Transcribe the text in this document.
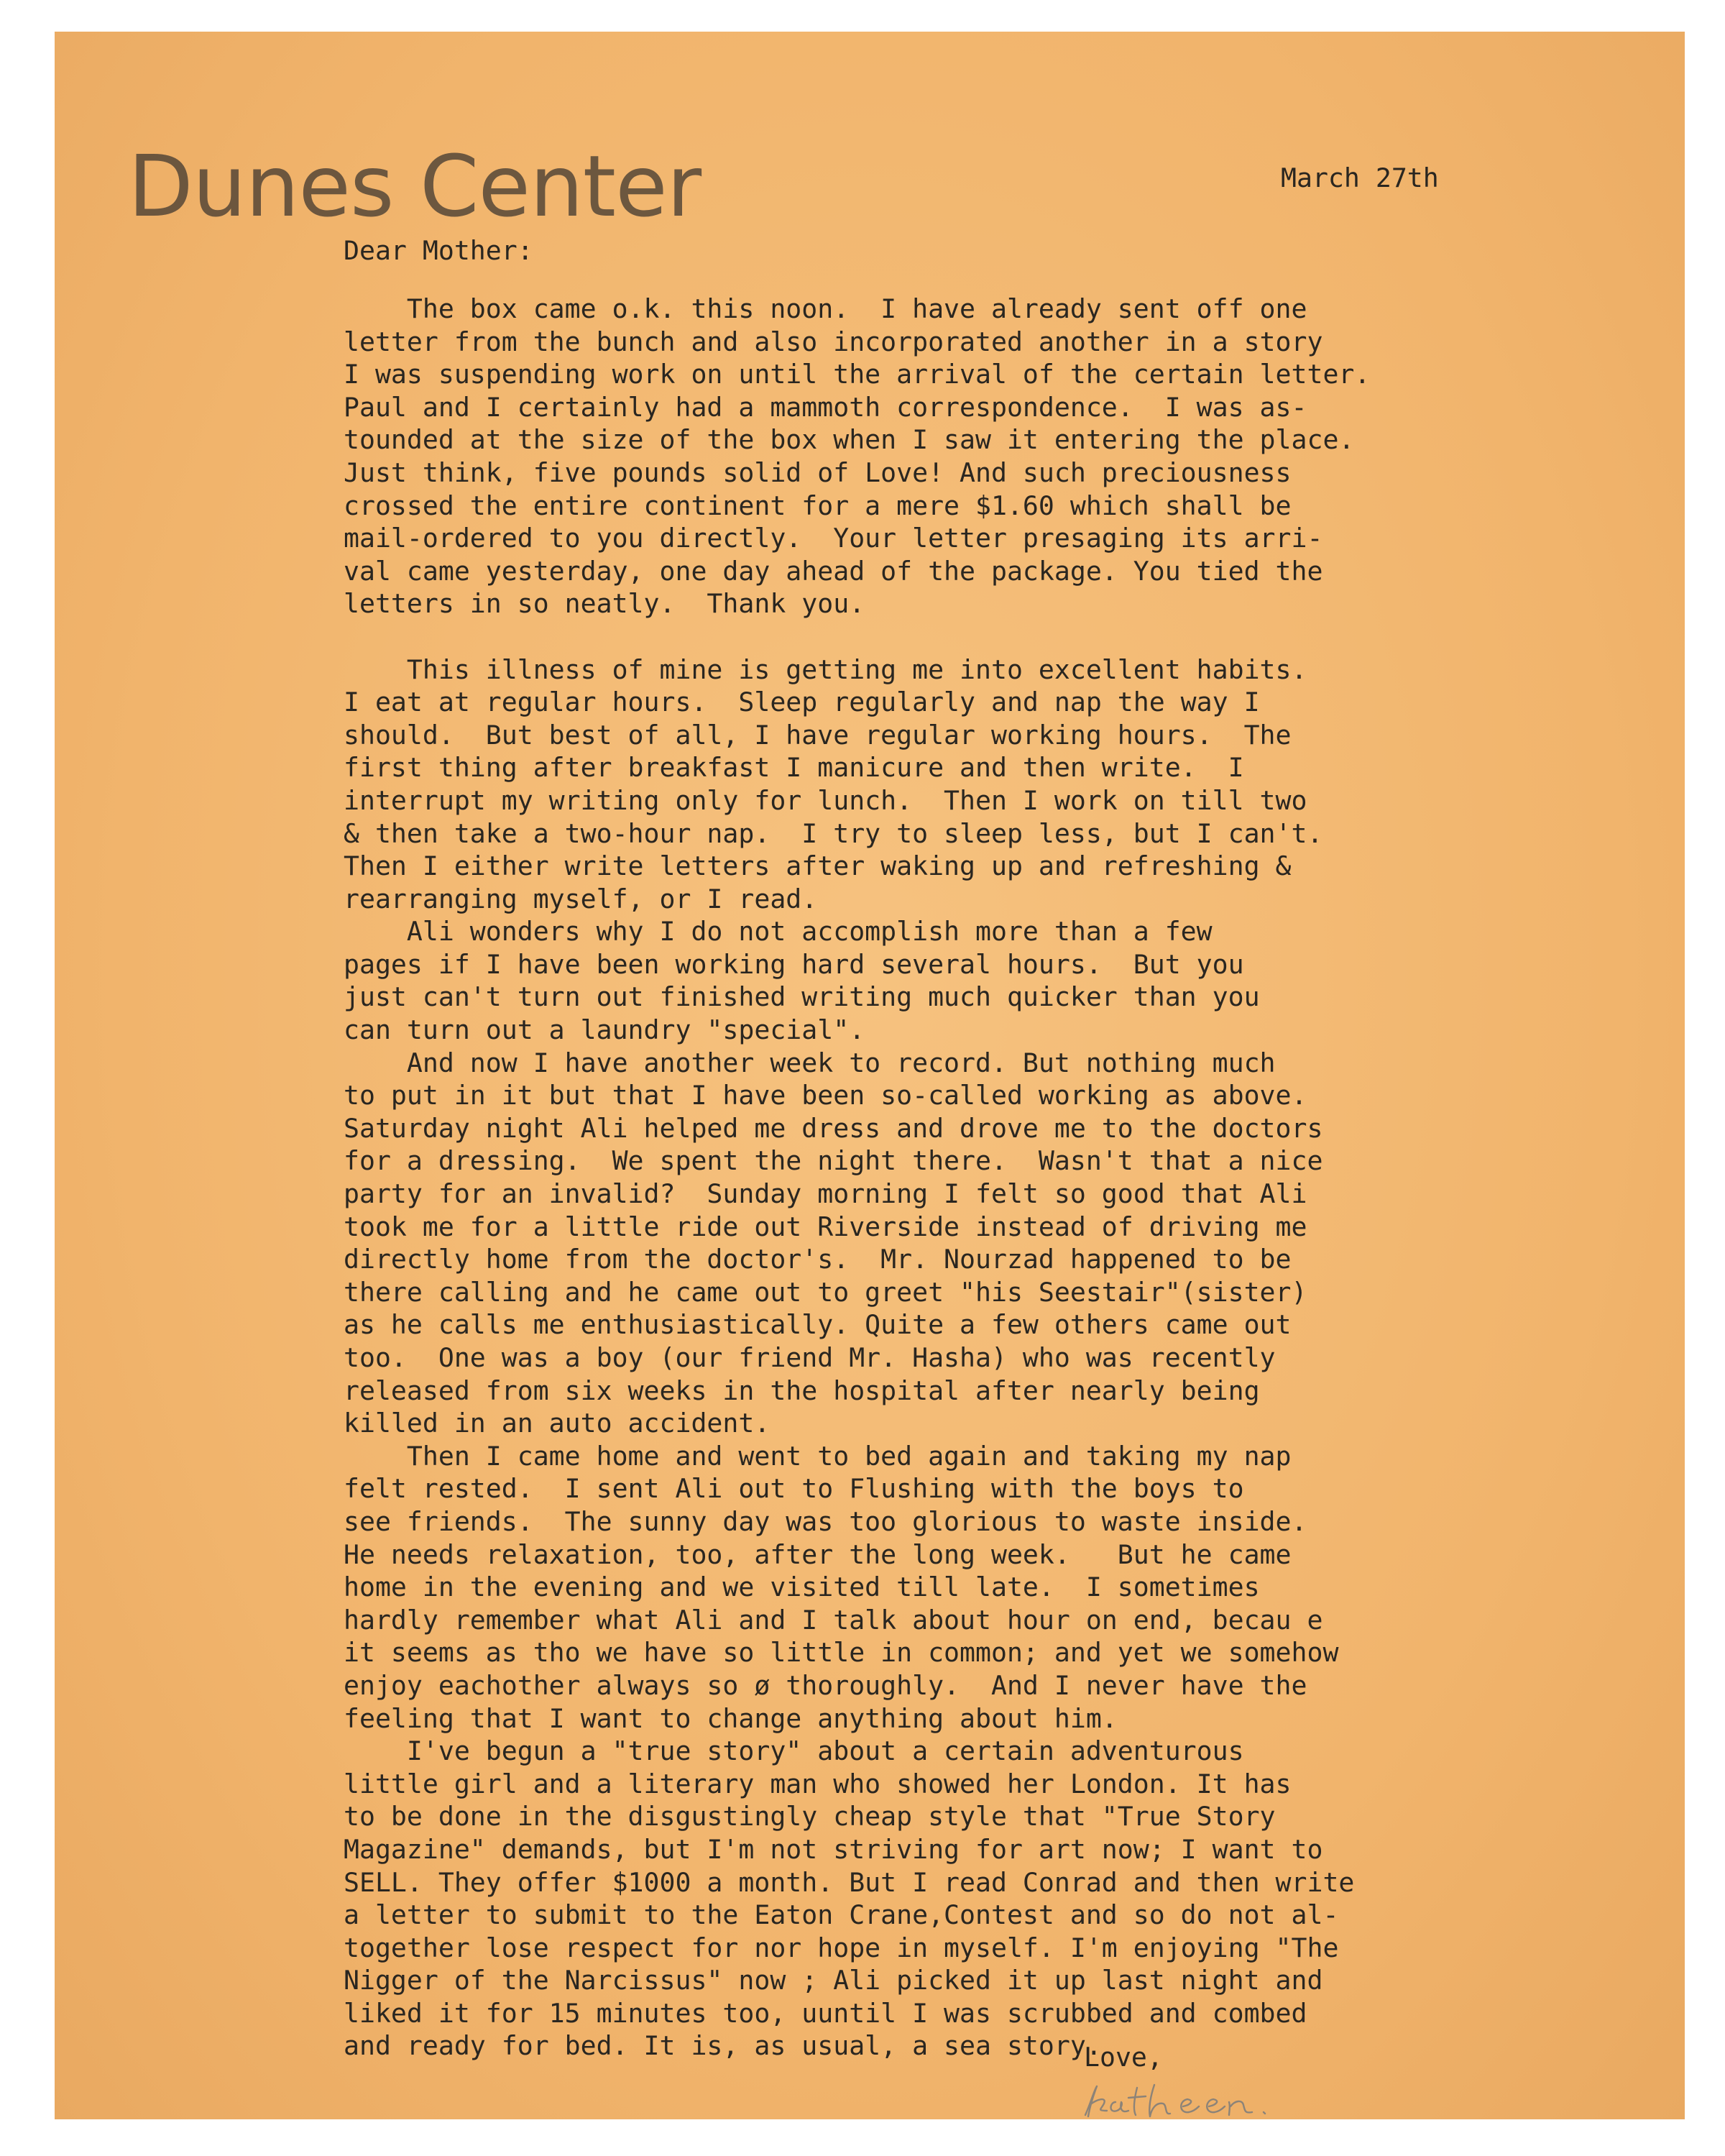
March 27th
Dear Mother:
The box came o.k. this noon.  I have already sent off one
letter from the bunch and also incorporated another in a story
I was suspending work on until the arrival of the certain letter.
Paul and I certainly had a mammoth correspondence.  I was as-
tounded at the size of the box when I saw it entering the place.
Just think, five pounds solid of Love! And such preciousness
crossed the entire continent for a mere $1.60 which shall be
mail-ordered to you directly.  Your letter presaging its arri-
val came yesterday, one day ahead of the package. You tied the
letters in so neatly.  Thank you.

This illness of mine is getting me into excellent habits.
I eat at regular hours.  Sleep regularly and nap the way I
should.  But best of all, I have regular working hours.  The
first thing after breakfast I manicure and then write.  I
interrupt my writing only for lunch.  Then I work on till two
& then take a two-hour nap.  I try to sleep less, but I can't.
Then I either write letters after waking up and refreshing &
rearranging myself, or I read.
Ali wonders why I do not accomplish more than a few
pages if I have been working hard several hours.  But you
just can't turn out finished writing much quicker than you
can turn out a laundry "special".
And now I have another week to record. But nothing much
to put in it but that I have been so-called working as above.
Saturday night Ali helped me dress and drove me to the doctors
for a dressing.  We spent the night there.  Wasn't that a nice
party for an invalid?  Sunday morning I felt so good that Ali
took me for a little ride out Riverside instead of driving me
directly home from the doctor's.  Mr. Nourzad happened to be
there calling and he came out to greet "his Seestair"(sister)
as he calls me enthusiastically. Quite a few others came out
too.  One was a boy (our friend Mr. Hasha) who was recently
released from six weeks in the hospital after nearly being
killed in an auto accident.
Then I came home and went to bed again and taking my nap
felt rested.  I sent Ali out to Flushing with the boys to
see friends.  The sunny day was too glorious to waste inside.
He needs relaxation, too, after the long week.   But he came
home in the evening and we visited till late.  I sometimes
hardly remember what Ali and I talk about hour on end, becau e
it seems as tho we have so little in common; and yet we somehow
enjoy eachother always so ø thoroughly.  And I never have the
feeling that I want to change anything about him.
I've begun a "true story" about a certain adventurous
little girl and a literary man who showed her London. It has
to be done in the disgustingly cheap style that "True Story
Magazine" demands, but I'm not striving for art now; I want to
SELL. They offer $1000 a month. But I read Conrad and then write
a letter to submit to the Eaton Crane,Contest and so do not al-
together lose respect for nor hope in myself. I'm enjoying "The
Nigger of the Narcissus" now ; Ali picked it up last night and
liked it for 15 minutes too, uuntil I was scrubbed and combed
and ready for bed. It is, as usual, a sea story.
Love,
Dunes Center
